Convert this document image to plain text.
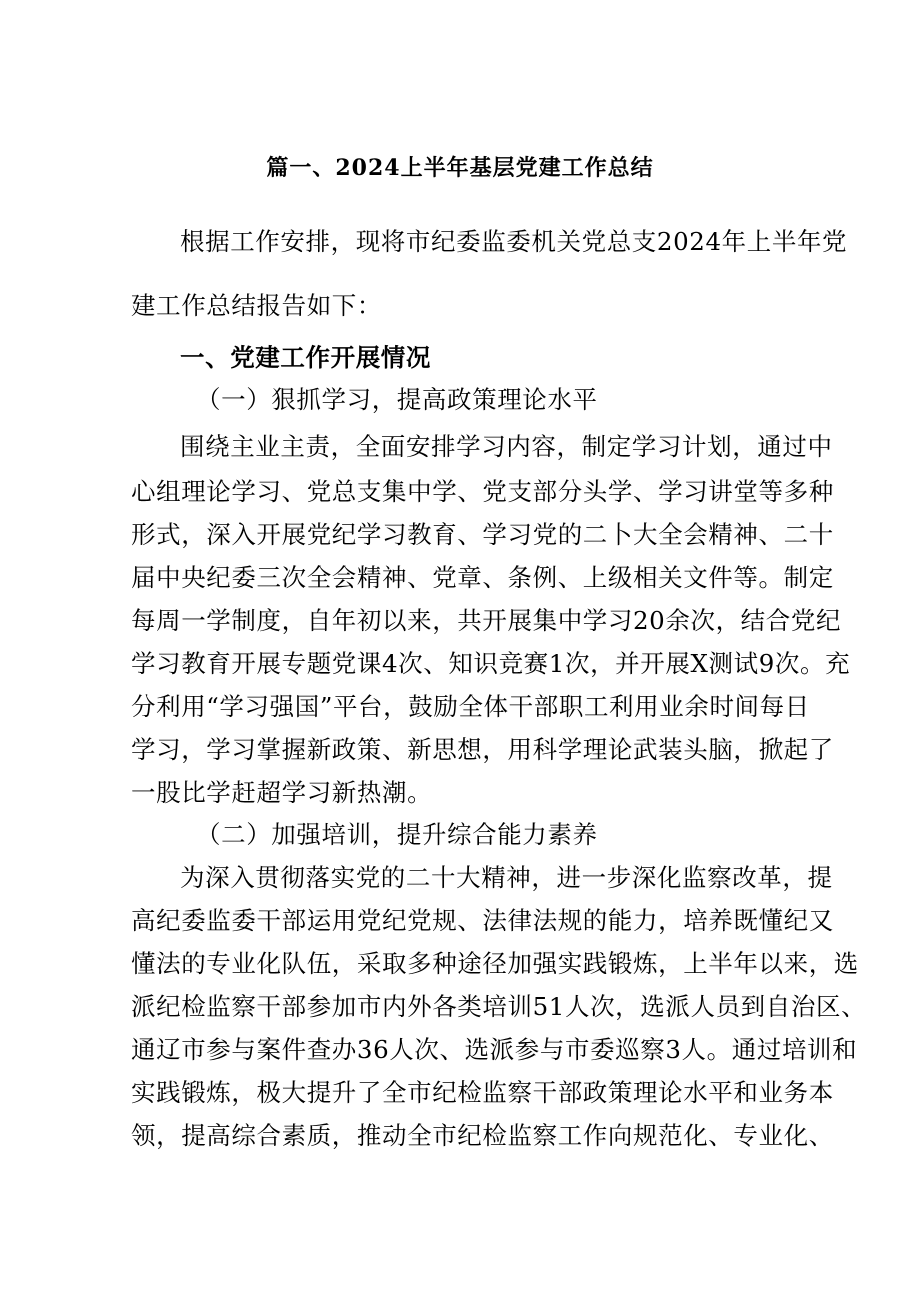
篇一、2024上半年基层党建工作总结
根据工作安排，现将市纪委监委机关党总支2024年上半年党
建工作总结报告如下：
一、党建工作开展情况
（一）狠抓学习，提高政策理论水平
围绕主业主责，全面安排学习内容，制定学习计划，通过中
心组理论学习、党总支集中学、党支部分头学、学习讲堂等多种
形式，深入开展党纪学习教育、学习党的二卜大全会精神、二十
届中央纪委三次全会精神、党章、条例、上级相关文件等。制定
每周一学制度，自年初以来，共开展集中学习20余次，结合党纪
学习教育开展专题党课4次、知识竞赛1次，并开展X测试9次。充
分利用“学习强国”平台，鼓励全体干部职工利用业余时间每日
学习，学习掌握新政策、新思想，用科学理论武装头脑，掀起了
一股比学赶超学习新热潮。
（二）加强培训，提升综合能力素养
为深入贯彻落实党的二十大精神，进一步深化监察改革，提
高纪委监委干部运用党纪党规、法律法规的能力，培养既懂纪又
懂法的专业化队伍，采取多种途径加强实践锻炼，上半年以来，选
派纪检监察干部参加市内外各类培训51人次，选派人员到自治区、
通辽市参与案件查办36人次、选派参与市委巡察3人。通过培训和
实践锻炼，极大提升了全市纪检监察干部政策理论水平和业务本
领，提高综合素质，推动全市纪检监察工作向规范化、专业化、
